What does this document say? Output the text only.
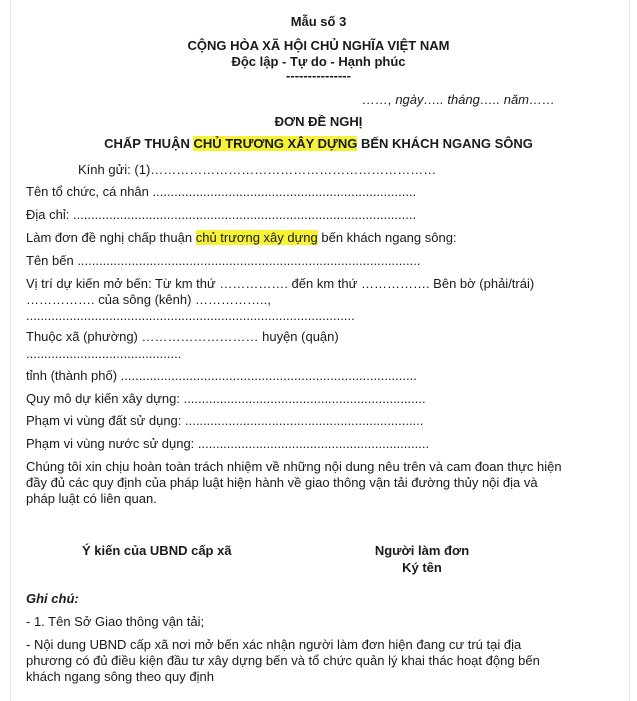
Mẫu số 3
CỘNG HÒA XÃ HỘI CHỦ NGHĨA VIỆT NAM
Độc lập - Tự do - Hạnh phúc
---------------
……, ngày….. tháng….. năm……
ĐƠN ĐỀ NGHỊ
CHẤP THUẬN CHỦ TRƯƠNG XÂY DỰNG BẾN KHÁCH NGANG SÔNG
Kính gửi: (1)…………………………………………………………
Tên tổ chức, cá nhân .........................................................................
Địa chỉ: ...............................................................................................
Làm đơn đề nghị chấp thuận chủ trương xây dựng bến khách ngang sông:
Tên bến ...............................................................................................
Vị trí dự kiến mở bến: Từ km thứ ……………. đến km thứ ……………. Bên bờ (phải/trái)
……………. của sông (kênh) ……………..,
...........................................................................................
Thuộc xã (phường) ……………………… huyện (quận)
...........................................
tỉnh (thành phố) ..................................................................................
Quy mô dự kiến xây dựng: ...................................................................
Phạm vi vùng đất sử dụng: ..................................................................
Phạm vi vùng nước sử dụng: ................................................................
Chúng tôi xin chịu hoàn toàn trách nhiệm về những nội dung nêu trên và cam đoan thực hiện đầy đủ các quy định của pháp luật hiện hành về giao thông vận tải đường thủy nội địa và pháp luật có liên quan.
Ý kiến của UBND cấp xã	Người làm đơn
Ký tên
Ghi chú:
- 1. Tên Sở Giao thông vận tải;
- Nội dung UBND cấp xã nơi mở bến xác nhận người làm đơn hiện đang cư trú tại địa phương có đủ điều kiện đầu tư xây dựng bến và tổ chức quản lý khai thác hoạt động bến khách ngang sông theo quy định
